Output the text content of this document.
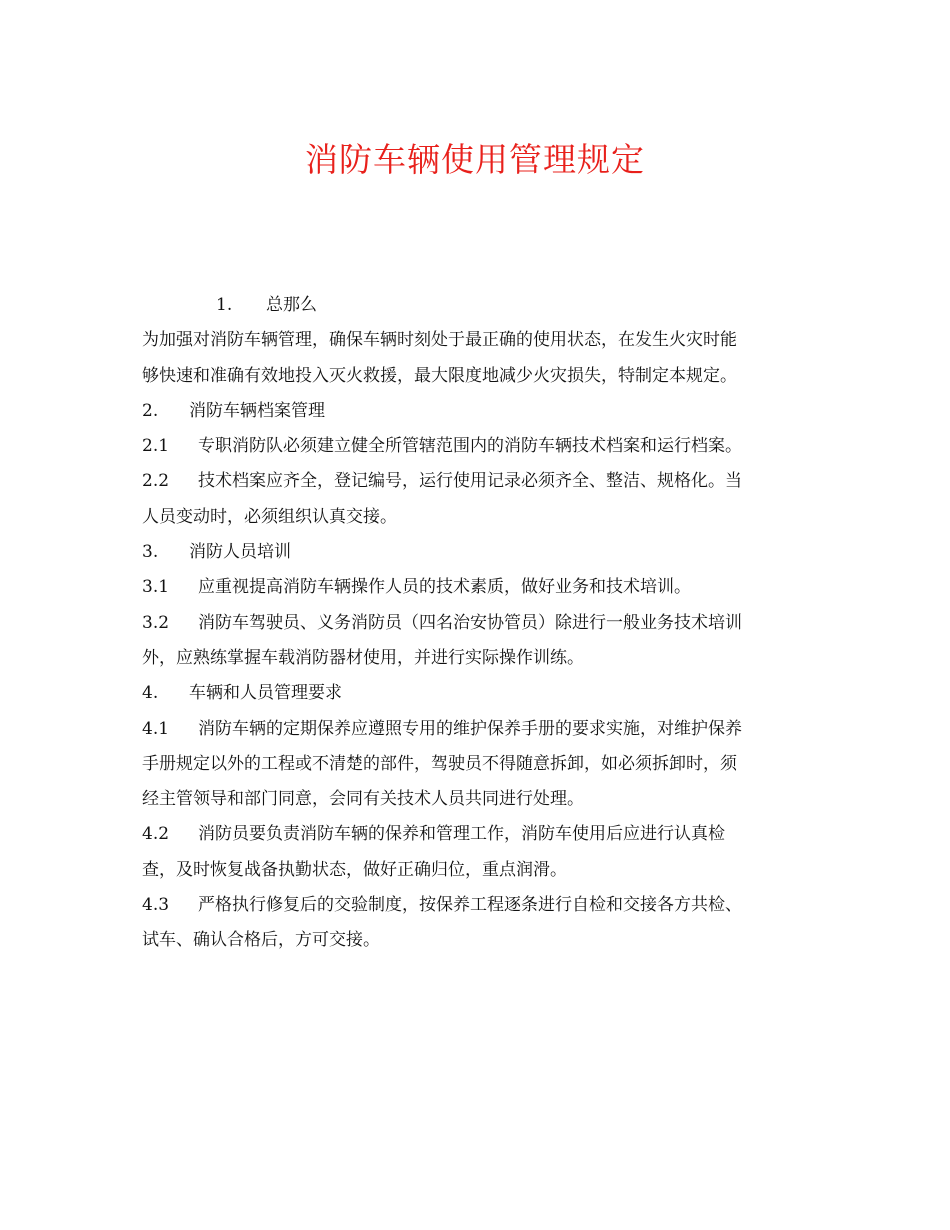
消防车辆使用管理规定
1. 总那么
为加强对消防车辆管理，确保车辆时刻处于最正确的使用状态，在发生火灾时能
够快速和准确有效地投入灭火救援，最大限度地减少火灾损失，特制定本规定。
2. 消防车辆档案管理
2.1 专职消防队必须建立健全所管辖范围内的消防车辆技术档案和运行档案。
2.2 技术档案应齐全，登记编号，运行使用记录必须齐全、整洁、规格化。当
人员变动时，必须组织认真交接。
3. 消防人员培训
3.1 应重视提高消防车辆操作人员的技术素质，做好业务和技术培训。
3.2 消防车驾驶员、义务消防员（四名治安协管员）除进行一般业务技术培训
外，应熟练掌握车载消防器材使用，并进行实际操作训练。
4. 车辆和人员管理要求
4.1 消防车辆的定期保养应遵照专用的维护保养手册的要求实施，对维护保养
手册规定以外的工程或不清楚的部件，驾驶员不得随意拆卸，如必须拆卸时，须
经主管领导和部门同意，会同有关技术人员共同进行处理。
4.2 消防员要负责消防车辆的保养和管理工作，消防车使用后应进行认真检
查，及时恢复战备执勤状态，做好正确归位，重点润滑。
4.3 严格执行修复后的交验制度，按保养工程逐条进行自检和交接各方共检、
试车、确认合格后，方可交接。
